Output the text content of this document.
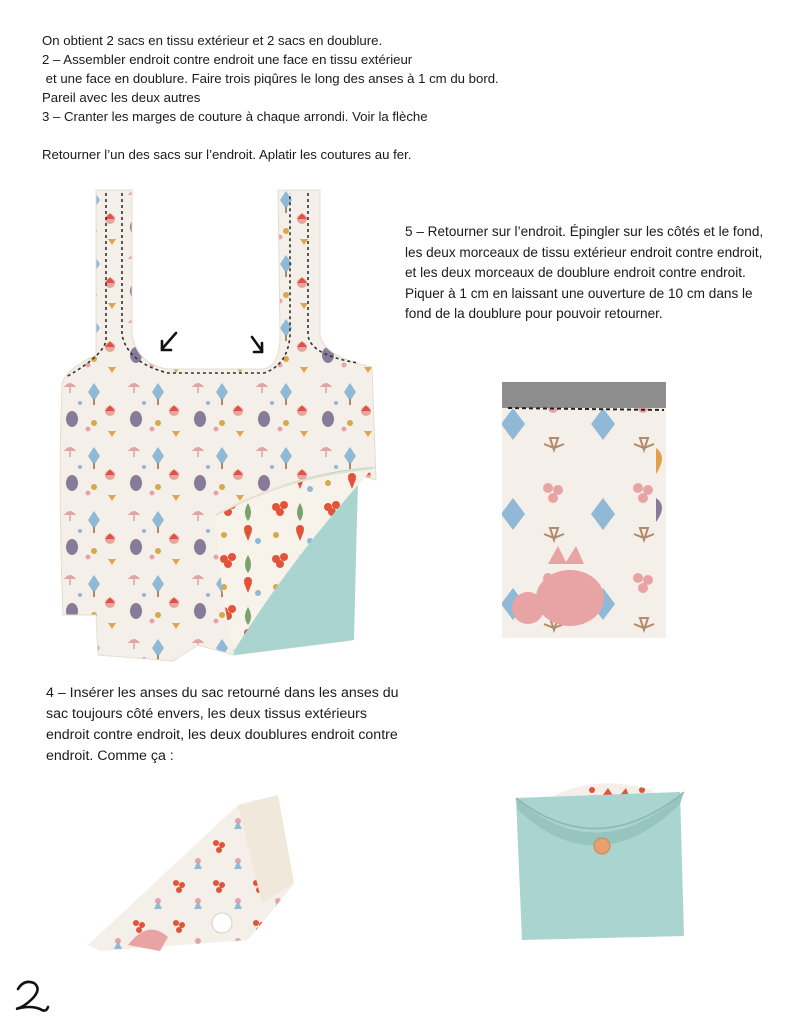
On obtient 2 sacs en tissu extérieur et 2 sacs en doublure.

2 – Assembler endroit contre endroit une face en tissu extérieur

et une face en doublure. Faire trois piqûres le long des anses à 1 cm du bord.

Pareil avec les deux autres

3 – Cranter les marges de couture à chaque arrondi. Voir la flèche

Retourner l’un des sacs sur l’endroit. Aplatir les coutures au fer.

5 – Retourner sur l’endroit. Épingler sur les côtés et le fond, les deux morceaux de tissu extérieur endroit contre endroit, et les deux morceaux de doublure endroit contre endroit. Piquer à 1 cm en laissant une ouverture de 10 cm dans le fond de la doublure pour pouvoir retourner.

4 – Insérer les anses du sac retourné dans les anses du sac toujours côté envers, les deux tissus extérieurs endroit contre endroit, les deux doublures endroit contre endroit. Comme ça :
